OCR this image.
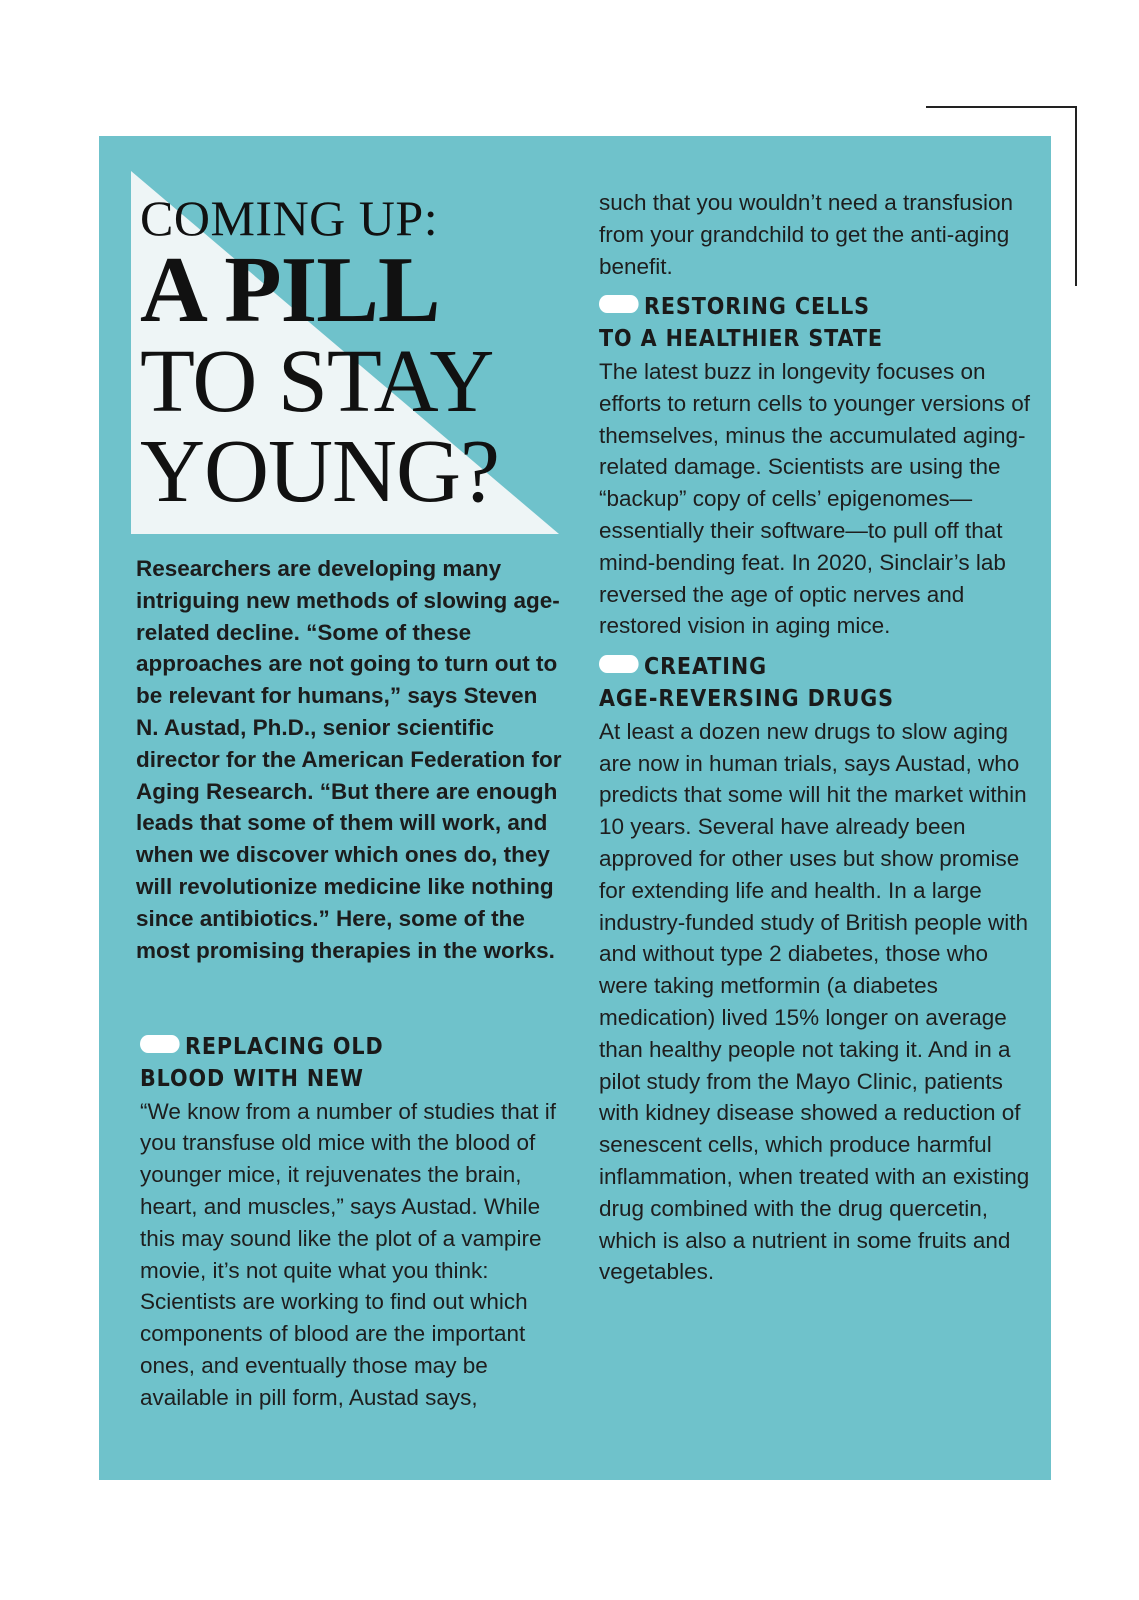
COMING UP:
A PILL
TO STAY
YOUNG?

Researchers are developing many intriguing new methods of slowing age-related decline. “Some of these approaches are not going to turn out to be relevant for humans,” says Steven N. Austad, Ph.D., senior scientific director for the American Federation for Aging Research. “But there are enough leads that some of them will work, and when we discover which ones do, they will revolutionize medicine like nothing since antibiotics.” Here, some of the most promising therapies in the works.

REPLACING OLD
BLOOD WITH NEW

“We know from a number of studies that if you transfuse old mice with the blood of younger mice, it rejuvenates the brain, heart, and muscles,” says Austad. While this may sound like the plot of a vampire movie, it’s not quite what you think: Scientists are working to find out which components of blood are the important ones, and eventually those may be available in pill form, Austad says,

such that you wouldn’t need a transfusion from your grandchild to get the anti-aging benefit.

RESTORING CELLS
TO A HEALTHIER STATE

The latest buzz in longevity focuses on efforts to return cells to younger versions of themselves, minus the accumulated aging-related damage. Scientists are using the “backup” copy of cells’ epigenomes—essentially their software—to pull off that mind-bending feat. In 2020, Sinclair’s lab reversed the age of optic nerves and restored vision in aging mice.

CREATING
AGE-REVERSING DRUGS

At least a dozen new drugs to slow aging are now in human trials, says Austad, who predicts that some will hit the market within 10 years. Several have already been approved for other uses but show promise for extending life and health. In a large industry-funded study of British people with and without type 2 diabetes, those who were taking metformin (a diabetes medication) lived 15% longer on average than healthy people not taking it. And in a pilot study from the Mayo Clinic, patients with kidney disease showed a reduction of senescent cells, which produce harmful inflammation, when treated with an existing drug combined with the drug quercetin, which is also a nutrient in some fruits and vegetables.
